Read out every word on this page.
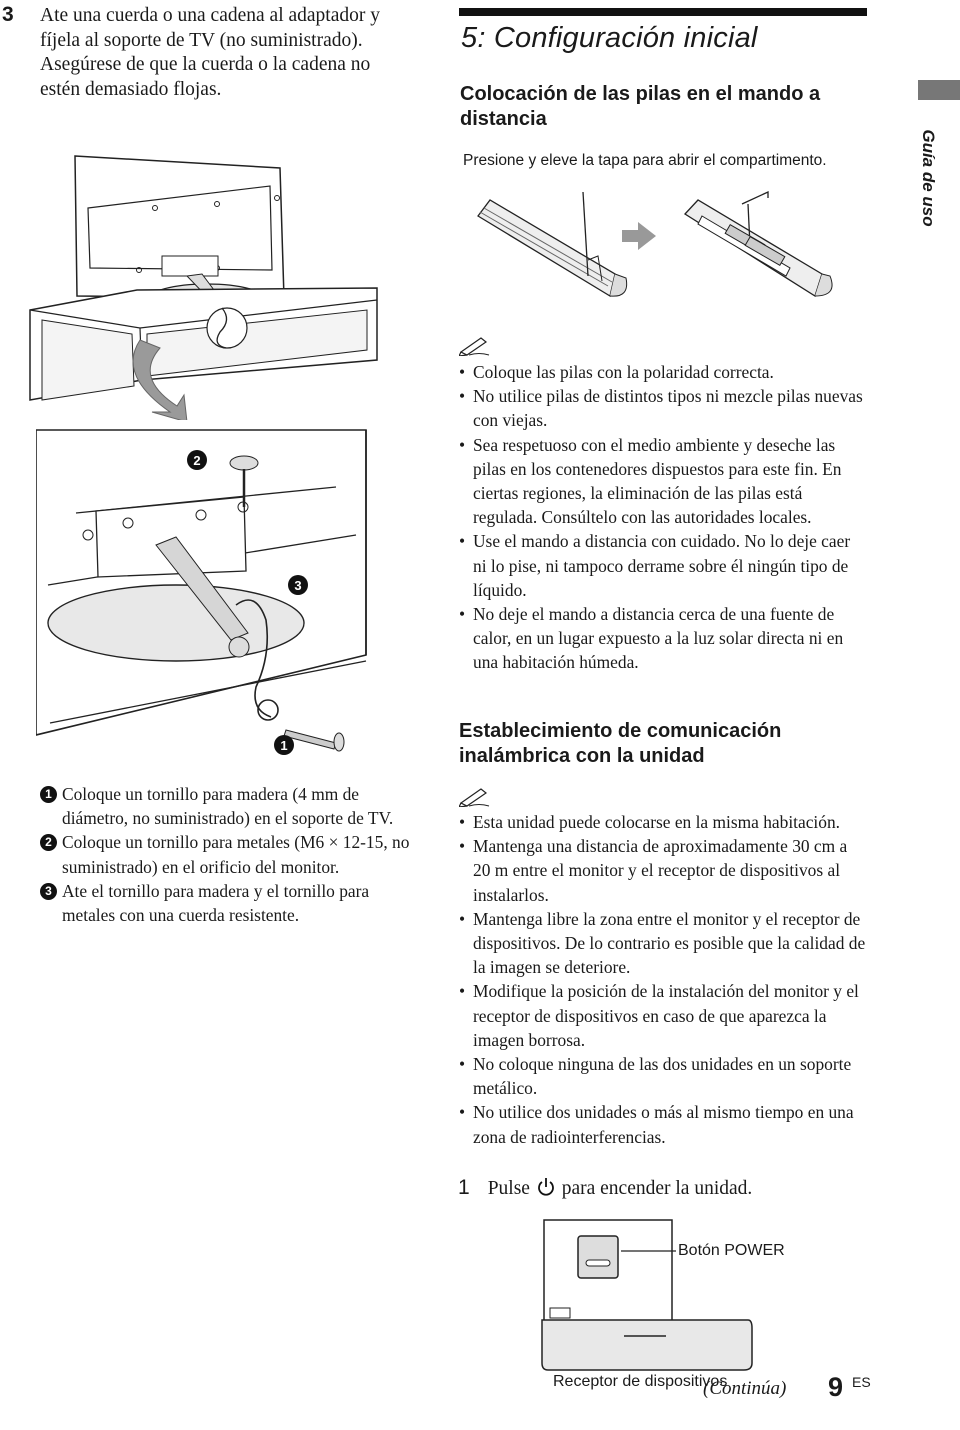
3 Ate una cuerda o una cadena al adaptador y fíjela al soporte de TV (no suministrado). Asegúrese de que la cuerda o la cadena no estén demasiado flojas.
2
3
1
1 Coloque un tornillo para madera (4 mm de diámetro, no suministrado) en el soporte de TV.
2 Coloque un tornillo para metales (M6 × 12-15, no suministrado) en el orificio del monitor.
3 Ate el tornillo para madera y el tornillo para metales con una cuerda resistente.
5: Configuración inicial
Colocación de las pilas en el mando a distancia
Presione y eleve la tapa para abrir el compartimento.	Guía de uso
• Coloque las pilas con la polaridad correcta.
• No utilice pilas de distintos tipos ni mezcle pilas nuevas con viejas.
• Sea respetuoso con el medio ambiente y deseche las pilas en los contenedores dispuestos para este fin. En ciertas regiones, la eliminación de las pilas está regulada. Consúltelo con las autoridades locales.
• Use el mando a distancia con cuidado. No lo deje caer ni lo pise, ni tampoco derrame sobre él ningún tipo de líquido.
• No deje el mando a distancia cerca de una fuente de calor, en un lugar expuesto a la luz solar directa ni en una habitación húmeda.
Establecimiento de comunicación inalámbrica con la unidad
• Esta unidad puede colocarse en la misma habitación.
• Mantenga una distancia de aproximadamente 30 cm a 20 m entre el monitor y el receptor de dispositivos al instalarlos.
• Mantenga libre la zona entre el monitor y el receptor de dispositivos. De lo contrario es posible que la calidad de la imagen se deteriore.
• Modifique la posición de la instalación del monitor y el receptor de dispositivos en caso de que aparezca la imagen borrosa.
• No coloque ninguna de las dos unidades en un soporte metálico.
• No utilice dos unidades o más al mismo tiempo en una zona de radiointerferencias.
1 Pulse para encender la unidad.
Botón POWER
Receptor de dispositivos
(Continúa) 9 ES
